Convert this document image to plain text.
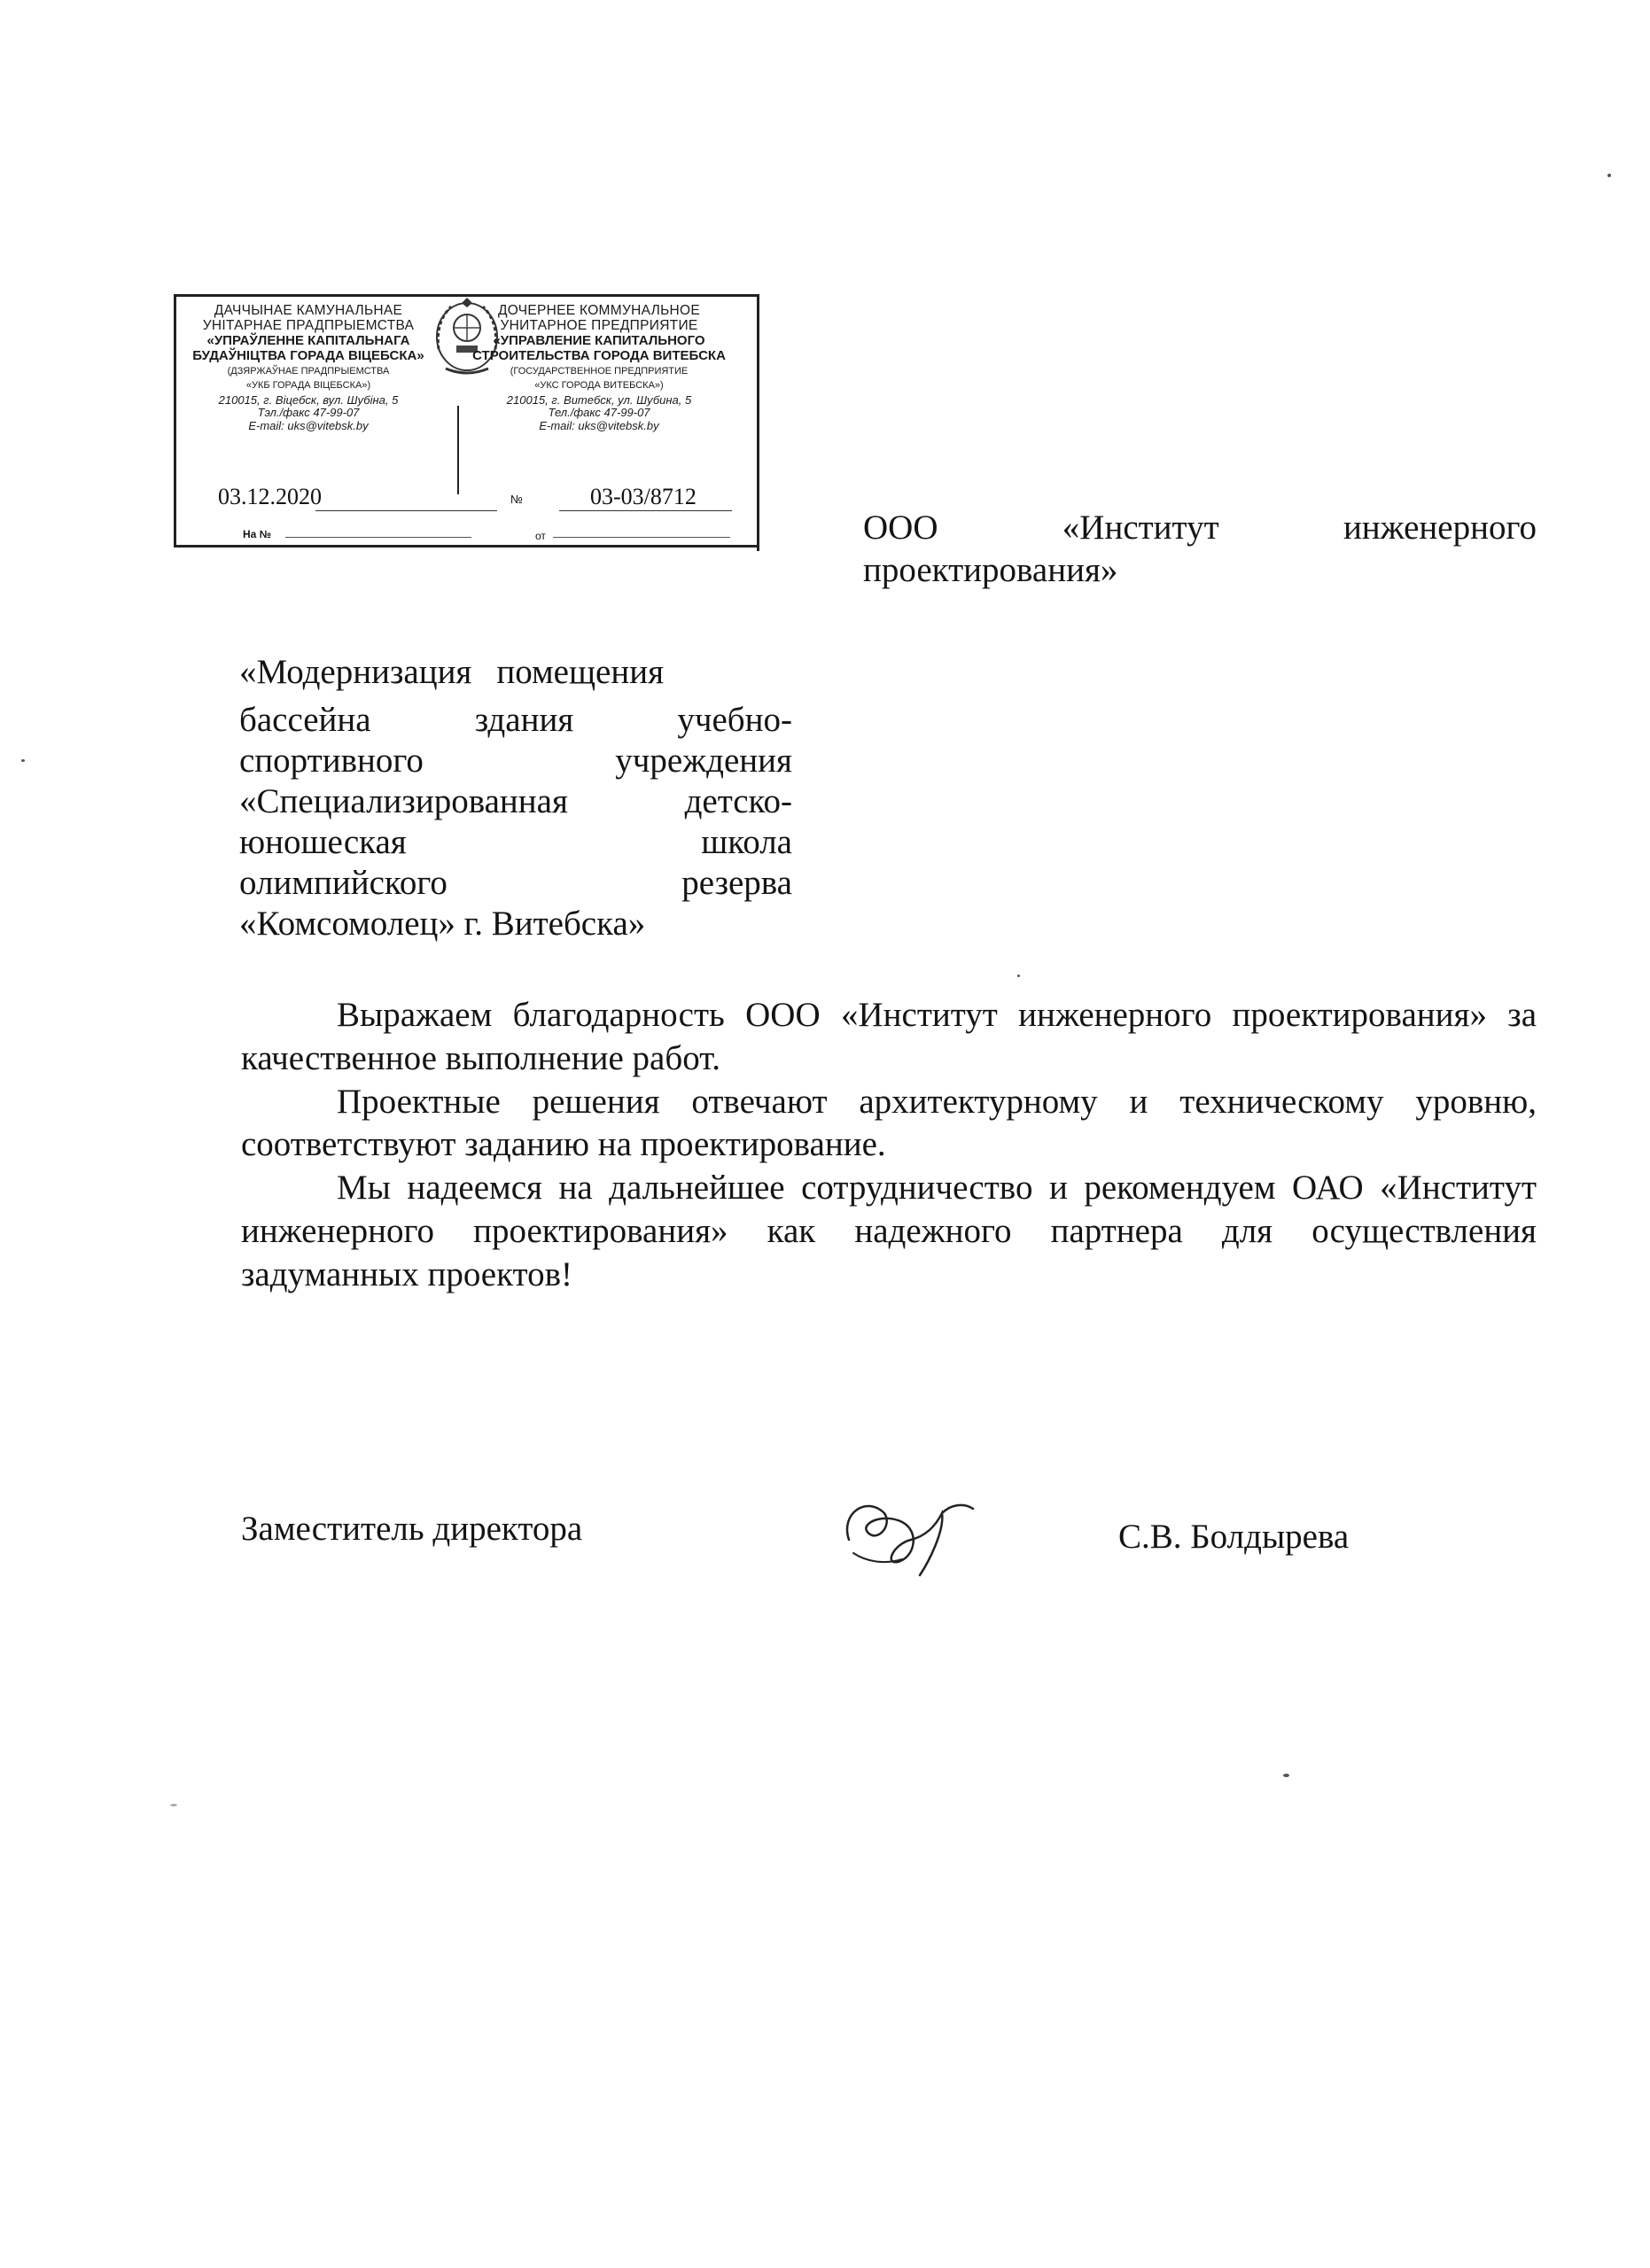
ДАЧЧЫНАЕ КАМУНАЛЬНАЕ
УНІТАРНАЕ ПРАДПРЫЕМСТВА
«УПРАЎЛЕННЕ КАПІТАЛЬНАГА
БУДАЎНІЦТВА ГОРАДА ВІЦЕБСКА»
(ДЗЯРЖАЎНАЕ ПРАДПРЫЕМСТВА
«УКБ ГОРАДА ВІЦЕБСКА»)
210015, г. Віцебск, вул. Шубіна, 5
Тэл./факс 47-99-07
E-mail: uks@vitebsk.by
ДОЧЕРНЕЕ КОММУНАЛЬНОЕ
УНИТАРНОЕ ПРЕДПРИЯТИЕ
«УПРАВЛЕНИЕ КАПИТАЛЬНОГО
СТРОИТЕЛЬСТВА ГОРОДА ВИТЕБСКА
(ГОСУДАРСТВЕННОЕ ПРЕДПРИЯТИЕ
«УКС ГОРОДА ВИТЕБСКА»)
210015, г. Витебск, ул. Шубина, 5
Тел./факс 47-99-07
E-mail: uks@vitebsk.by
03.12.2020	№	03-03/8712
На №	от	ООО	«Институт	инженерного
проектирования»
«Модернизация помещения
бассейна	здания	учебно-
спортивного	учреждения
«Специализированная	детско-
юношеская	школа
олимпийского	резерва
«Комсомолец» г. Витебска»

Выражаем благодарность ООО «Институт инженерного проектирования» за качественное выполнение работ.

Проектные решения отвечают архитектурному и техническому уровню, соответствуют заданию на проектирование.

Мы надеемся на дальнейшее сотрудничество и рекомендуем ОАО «Институт инженерного проектирования» как надежного партнера для осуществления задуманных проектов!

Заместитель директора	С.В. Болдырева
